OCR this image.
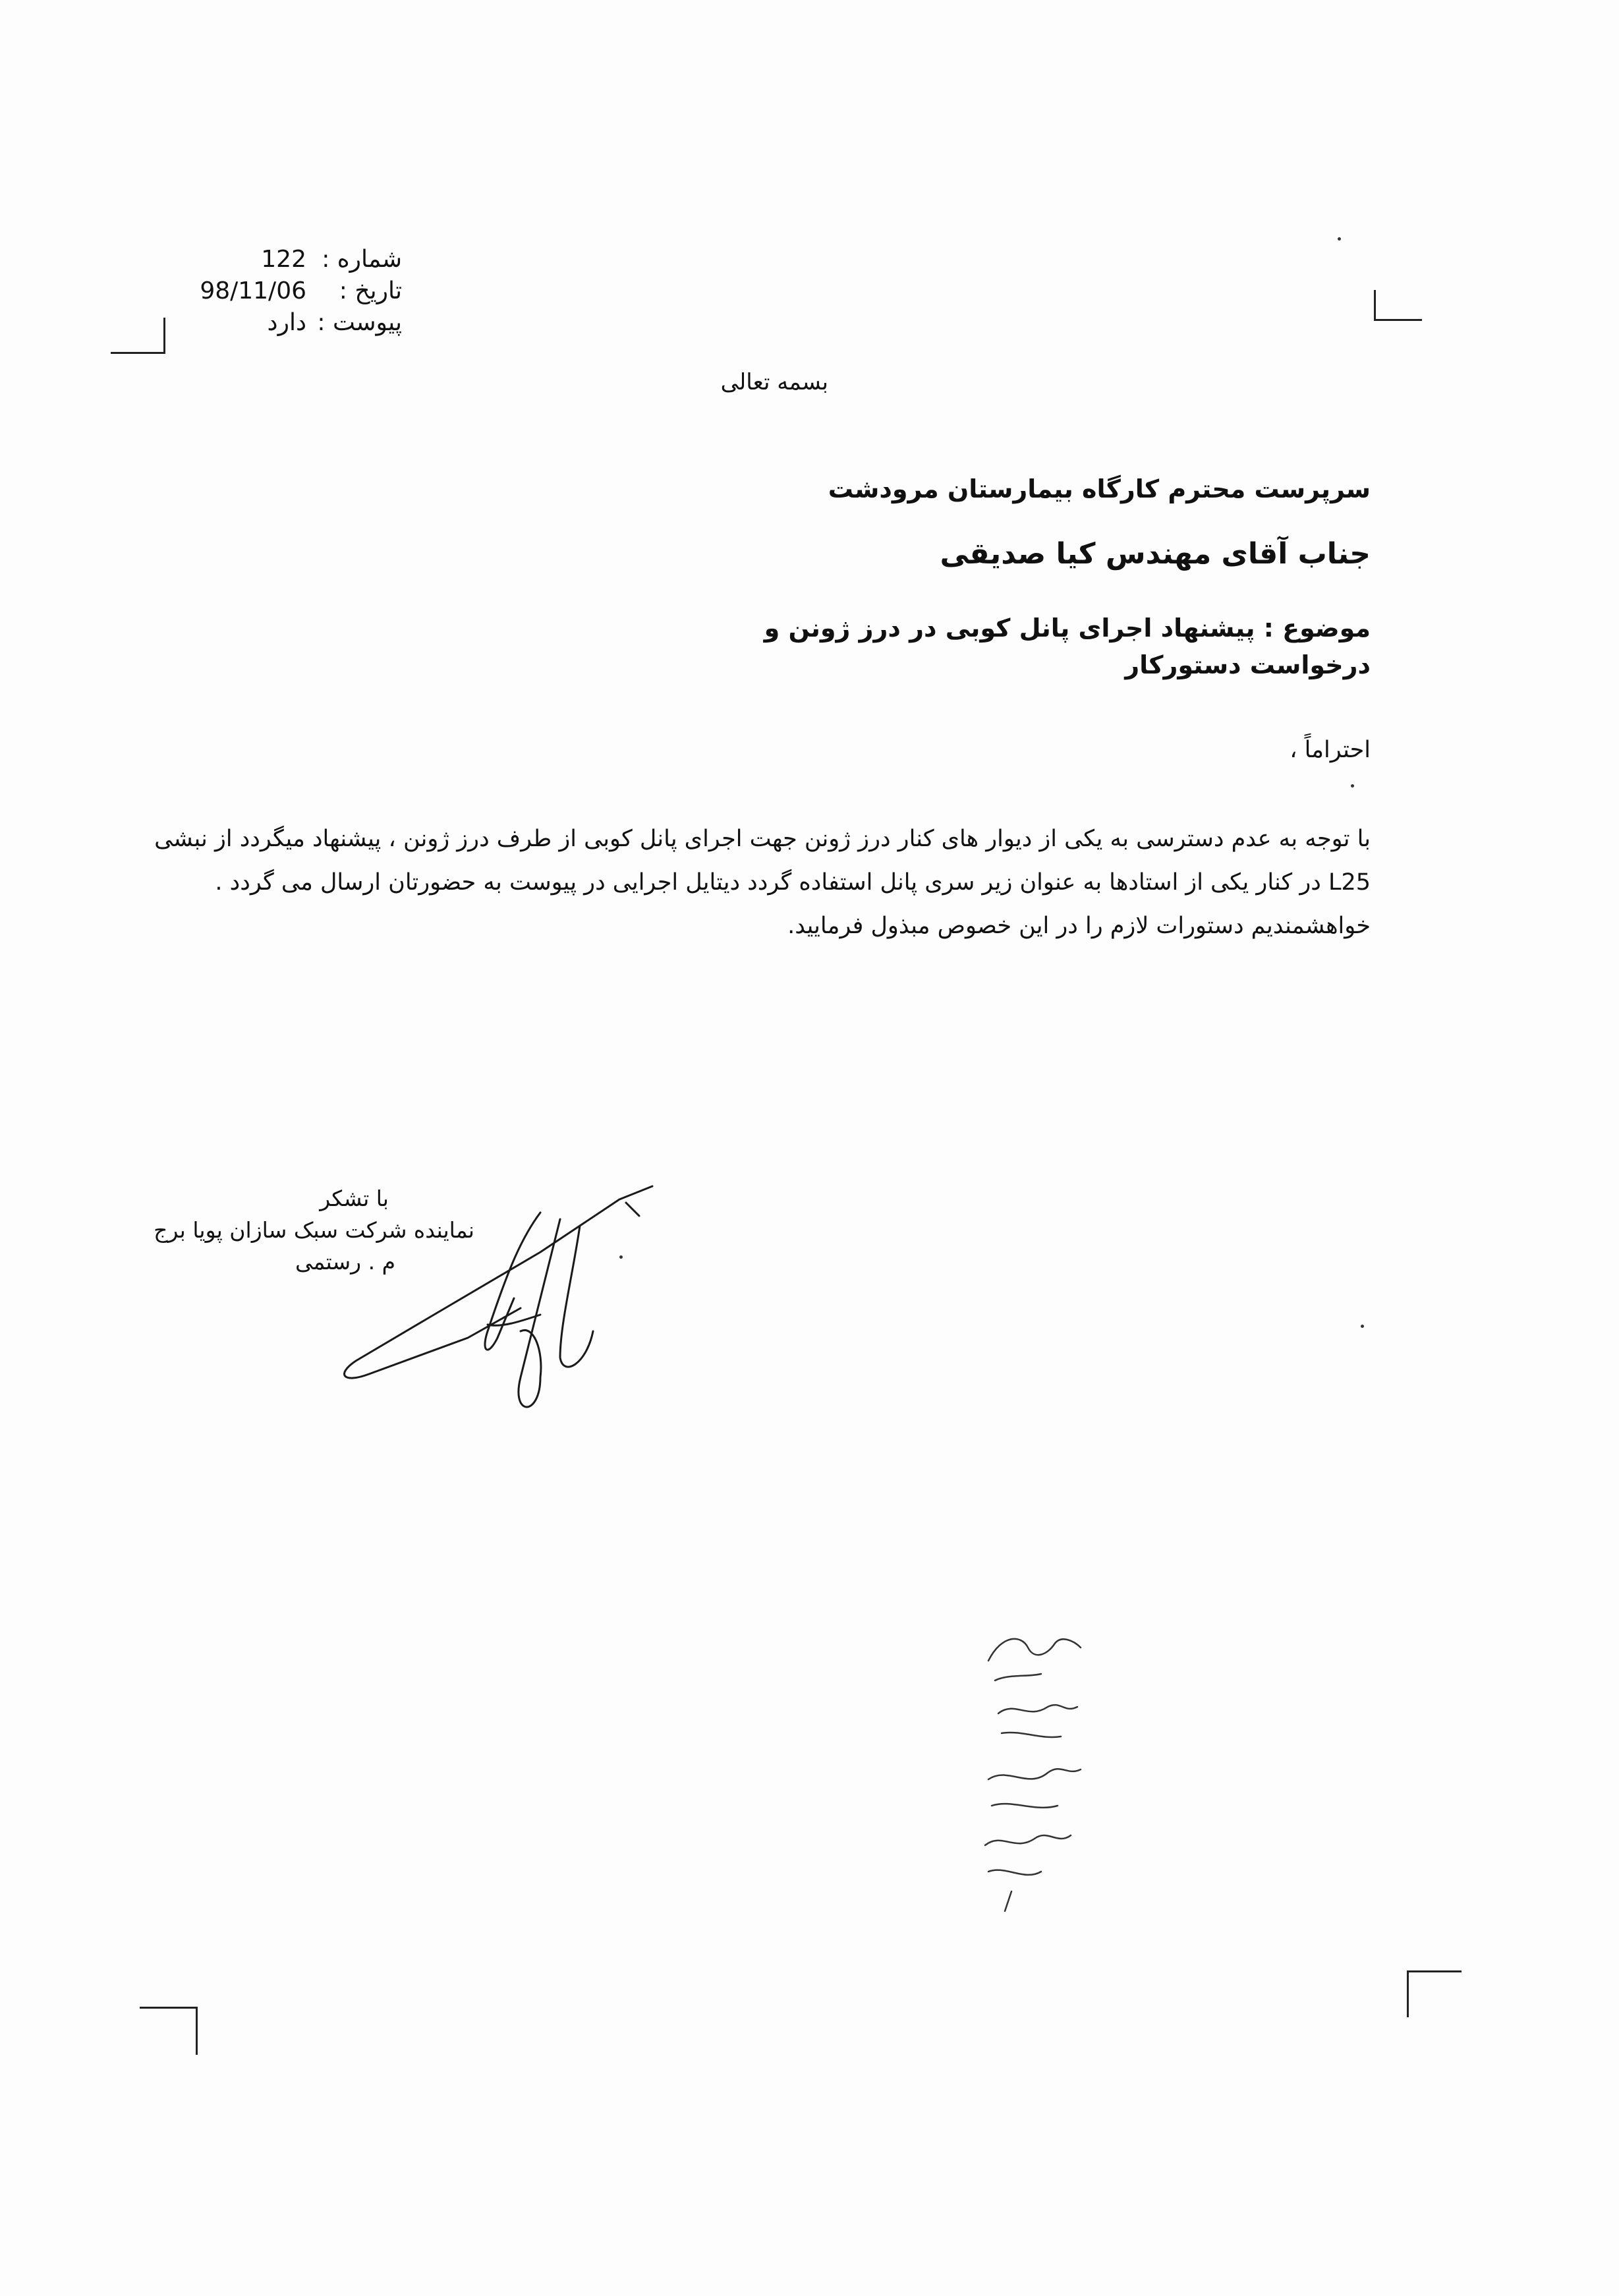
شماره :
122
تاریخ :
98/11/06
پیوست :
دارد
بسمه تعالی
سرپرست محترم کارگاه بیمارستان مرودشت
جناب آقای مهندس کیا صدیقی
موضوع : پیشنهاد اجرای پانل کوبی در درز ژونن و درخواست دستورکار
احتراماً ،
با توجه به عدم دسترسی به یکی از دیوار های کنار درز ژونن جهت اجرای پانل کوبی از طرف درز ژونن ، پیشنهاد میگردد از نبشی
L25 در کنار یکی از استادها به عنوان زیر سری پانل استفاده گردد دیتایل اجرایی در پیوست به حضورتان ارسال می گردد .
خواهشمندیم دستورات لازم را در این خصوص مبذول فرمایید.
با تشکر
نماینده شرکت سبک سازان پویا برج
م . رستمی
